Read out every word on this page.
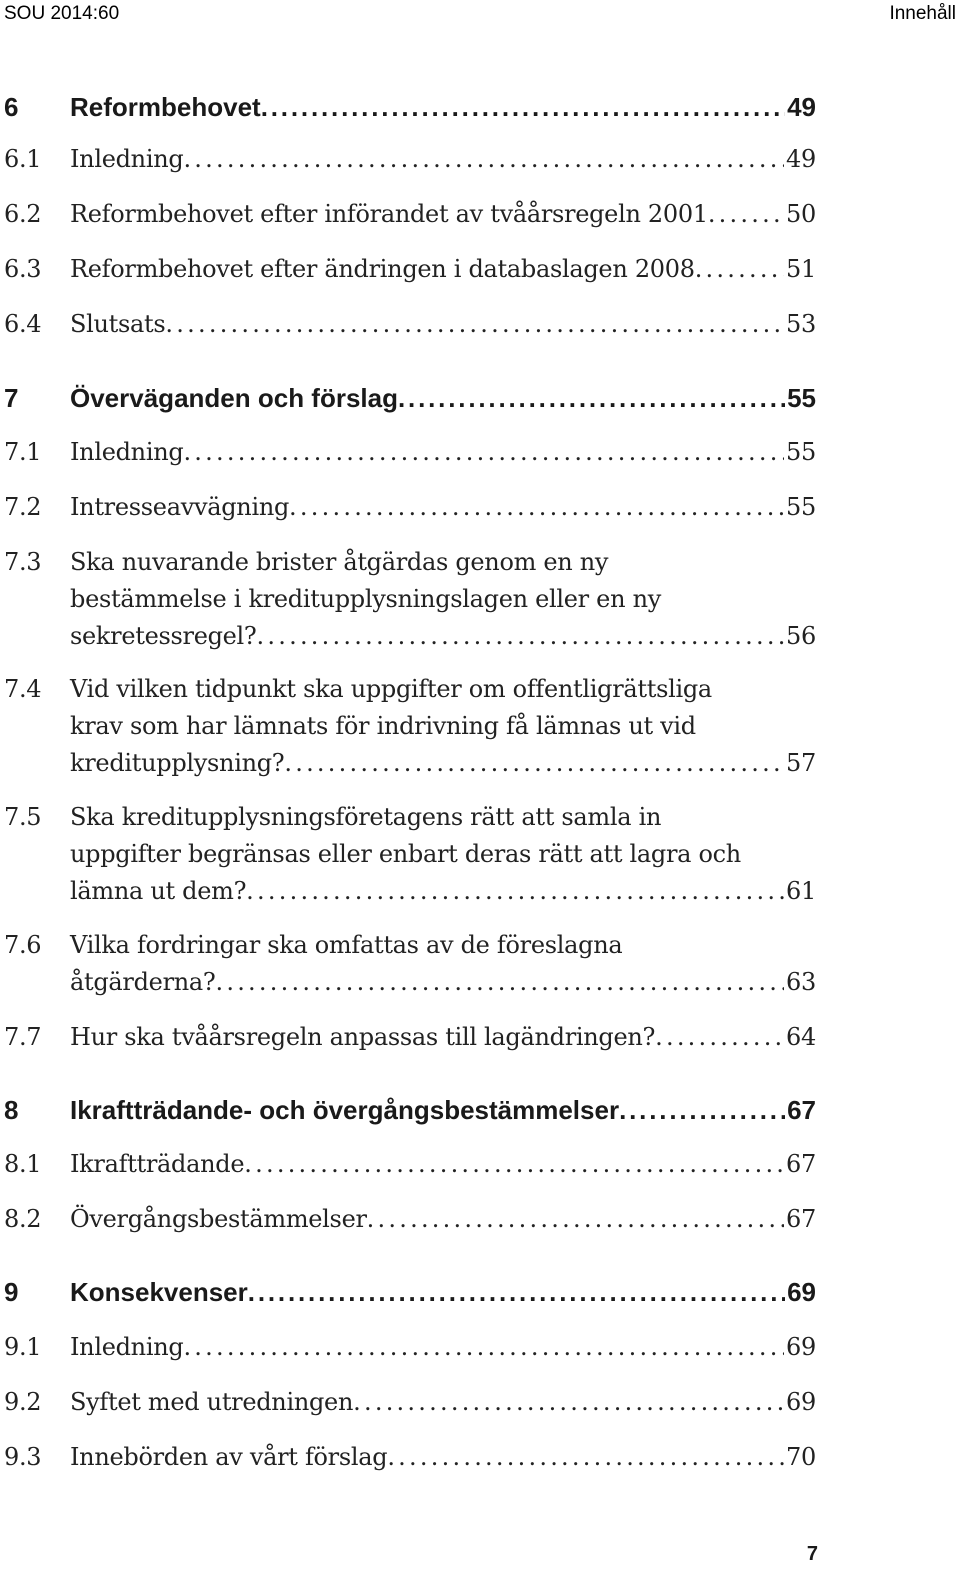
SOU 2014:60	Innehåll
6 Reformbehovet . . .	49
6.1 Inledning . . .	49
6.2 Reformbehovet efter införandet av tvåårsregeln 2001 . . .	50
6.3 Reformbehovet efter ändringen i databaslagen 2008 . . .	51
6.4 Slutsats . . .	53
7 Överväganden och förslag . . .	55
7.1 Inledning . . .	55
7.2 Intresseavvägning . . .	55
7.3 Ska nuvarande brister åtgärdas genom en ny
bestämmelse i kreditupplysningslagen eller en ny
sekretessregel? . . .	56
7.4 Vid vilken tidpunkt ska uppgifter om offentligrättsliga
krav som har lämnats för indrivning få lämnas ut vid
kreditupplysning? . . .	57
7.5 Ska kreditupplysningsföretagens rätt att samla in
uppgifter begränsas eller enbart deras rätt att lagra och
lämna ut dem? . . .	61
7.6 Vilka fordringar ska omfattas av de föreslagna
åtgärderna? . . .	63
7.7 Hur ska tvåårsregeln anpassas till lagändringen? . . .	64
8 Ikraftträdande- och övergångsbestämmelser . . .	67
8.1 Ikraftträdande . . .	67
8.2 Övergångsbestämmelser . . .	67
9 Konsekvenser . . .	69
9.1 Inledning . . .	69
9.2 Syftet med utredningen . . .	69
9.3 Innebörden av vårt förslag . . .	70
7
